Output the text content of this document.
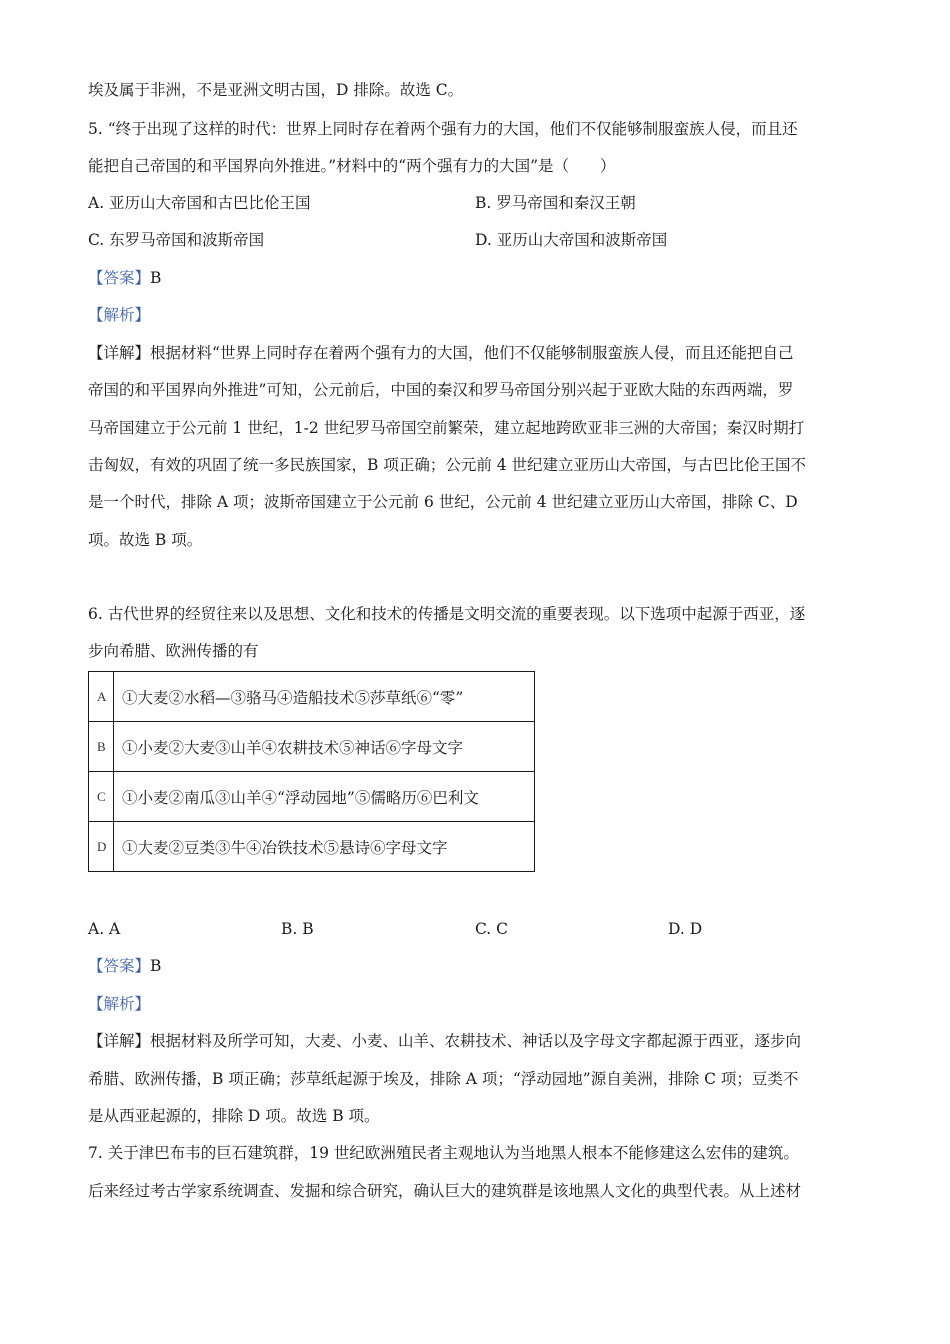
埃及属于非洲，不是亚洲文明古国，D 排除。故选 C。
5. “终于出现了这样的时代：世界上同时存在着两个强有力的大国，他们不仅能够制服蛮族人侵，而且还
能把自己帝国的和平国界向外推进。”材料中的“两个强有力的大国”是（　　）
A. 亚历山大帝国和古巴比伦王国	B. 罗马帝国和秦汉王朝
C. 东罗马帝国和波斯帝国	D. 亚历山大帝国和波斯帝国
【答案】B
【解析】
【详解】根据材料“世界上同时存在着两个强有力的大国，他们不仅能够制服蛮族人侵，而且还能把自己
帝国的和平国界向外推进”可知，公元前后，中国的秦汉和罗马帝国分别兴起于亚欧大陆的东西两端，罗
马帝国建立于公元前 1 世纪，1-2 世纪罗马帝国空前繁荣，建立起地跨欧亚非三洲的大帝国；秦汉时期打
击匈奴，有效的巩固了统一多民族国家，B 项正确；公元前 4 世纪建立亚历山大帝国，与古巴比伦王国不
是一个时代，排除 A 项；波斯帝国建立于公元前 6 世纪，公元前 4 世纪建立亚历山大帝国，排除 C、D
项。故选 B 项。
6. 古代世界的经贸往来以及思想、文化和技术的传播是文明交流的重要表现。以下选项中起源于西亚，逐
步向希腊、欧洲传播的有
A	①大麦②水稻—③骆马④造船技术⑤莎草纸⑥“零”
B	①小麦②大麦③山羊④农耕技术⑤神话⑥字母文字
C	①小麦②南瓜③山羊④“浮动园地”⑤儒略历⑥巴利文
D	①大麦②豆类③牛④冶铁技术⑤悬诗⑥字母文字
A. A	B. B	C. C	D. D
【答案】B
【解析】
【详解】根据材料及所学可知，大麦、小麦、山羊、农耕技术、神话以及字母文字都起源于西亚，逐步向
希腊、欧洲传播，B 项正确；莎草纸起源于埃及，排除 A 项；“浮动园地”源自美洲，排除 C 项；豆类不
是从西亚起源的，排除 D 项。故选 B 项。
7. 关于津巴布韦的巨石建筑群，19 世纪欧洲殖民者主观地认为当地黑人根本不能修建这么宏伟的建筑。
后来经过考古学家系统调查、发掘和综合研究，确认巨大的建筑群是该地黑人文化的典型代表。从上述材
